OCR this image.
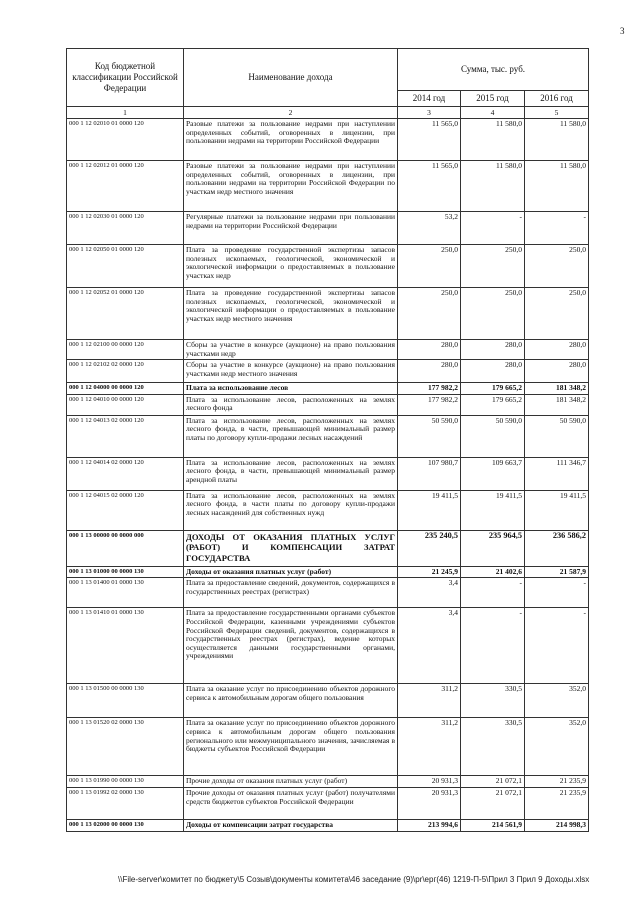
3
Код бюджетной классификации Российской Федерации	Наименование дохода	Сумма, тыс. руб.		
		2014 год	2015 год	2016 год
1	2	3	4	5
000 1 12 02010 01 0000 120	Разовые платежи за пользование недрами при наступлении определенных событий, оговоренных в лицензии, при пользовании недрами на территории Российской Федерации	11 565,0	11 580,0	11 580,0
000 1 12 02012 01 0000 120	Разовые платежи за пользование недрами при наступлении определенных событий, оговоренных в лицензии, при пользовании недрами на территории Российской Федерации по участкам недр местного значения	11 565,0	11 580,0	11 580,0
000 1 12 02030 01 0000 120	Регулярные платежи за пользование недрами при пользовании недрами на территории Российской Федерации	53,2	-	-
000 1 12 02050 01 0000 120	Плата за проведение государственной экспертизы запасов полезных ископаемых, геологической, экономической и экологической информации о предоставляемых в пользование участках недр	250,0	250,0	250,0
000 1 12 02052 01 0000 120	Плата за проведение государственной экспертизы запасов полезных ископаемых, геологической, экономической и экологической информации о предоставляемых в пользование участках недр местного значения	250,0	250,0	250,0
000 1 12 02100 00 0000 120	Сборы за участие в конкурсе (аукционе) на право пользования участками недр	280,0	280,0	280,0
000 1 12 02102 02 0000 120	Сборы за участие в конкурсе (аукционе) на право пользования участками недр местного значения	280,0	280,0	280,0
000 1 12 04000 00 0000 120	Плата за использование лесов	177 982,2	179 665,2	181 348,2
000 1 12 04010 00 0000 120	Плата за использование лесов, расположенных на землях лесного фонда	177 982,2	179 665,2	181 348,2
000 1 12 04013 02 0000 120	Плата за использование лесов, расположенных на землях лесного фонда, в части, превышающей минимальный размер платы по договору купли-продажи лесных насаждений	50 590,0	50 590,0	50 590,0
000 1 12 04014 02 0000 120	Плата за использование лесов, расположенных на землях лесного фонда, в части, превышающей минимальный размер арендной платы	107 980,7	109 663,7	111 346,7
000 1 12 04015 02 0000 120	Плата за использование лесов, расположенных на землях лесного фонда, в части платы по договору купли-продажи лесных насаждений для собственных нужд	19 411,5	19 411,5	19 411,5
000 1 13 00000 00 0000 000	ДОХОДЫ ОТ ОКАЗАНИЯ ПЛАТНЫХ УСЛУГ (РАБОТ) И КОМПЕНСАЦИИ ЗАТРАТ ГОСУДАРСТВА	235 240,5	235 964,5	236 586,2
000 1 13 01000 00 0000 130	Доходы от оказания платных услуг (работ)	21 245,9	21 402,6	21 587,9
000 1 13 01400 01 0000 130	Плата за предоставление сведений, документов, содержащихся в государственных реестрах (регистрах)	3,4	-	-
000 1 13 01410 01 0000 130	Плата за предоставление государственными органами субъектов Российской Федерации, казенными учреждениями субъектов Российской Федерации сведений, документов, содержащихся в государственных реестрах (регистрах), ведение которых осуществляется данными государственными органами, учреждениями	3,4	-	-
000 1 13 01500 00 0000 130	Плата за оказание услуг по присоединению объектов дорожного сервиса к автомобильным дорогам общего пользования	311,2	330,5	352,0
000 1 13 01520 02 0000 130	Плата за оказание услуг по присоединению объектов дорожного сервиса к автомобильным дорогам общего пользования регионального или межмуниципального значения, зачисляемая в бюджеты субъектов Российской Федерации	311,2	330,5	352,0
000 1 13 01990 00 0000 130	Прочие доходы от оказания платных услуг (работ)	20 931,3	21 072,1	21 235,9
000 1 13 01992 02 0000 130	Прочие доходы от оказания платных услуг (работ) получателями средств бюджетов субъектов Российской Федерации	20 931,3	21 072,1	21 235,9
000 1 13 02000 00 0000 130	Доходы от компенсации затрат государства	213 994,6	214 561,9	214 998,3
\\File-server\комитет по бюджету\5 Созыв\документы комитета\46 заседание (9)\pr\ерг(46) 1219-П-5\Прил 3 Прил 9 Доходы.xlsx
